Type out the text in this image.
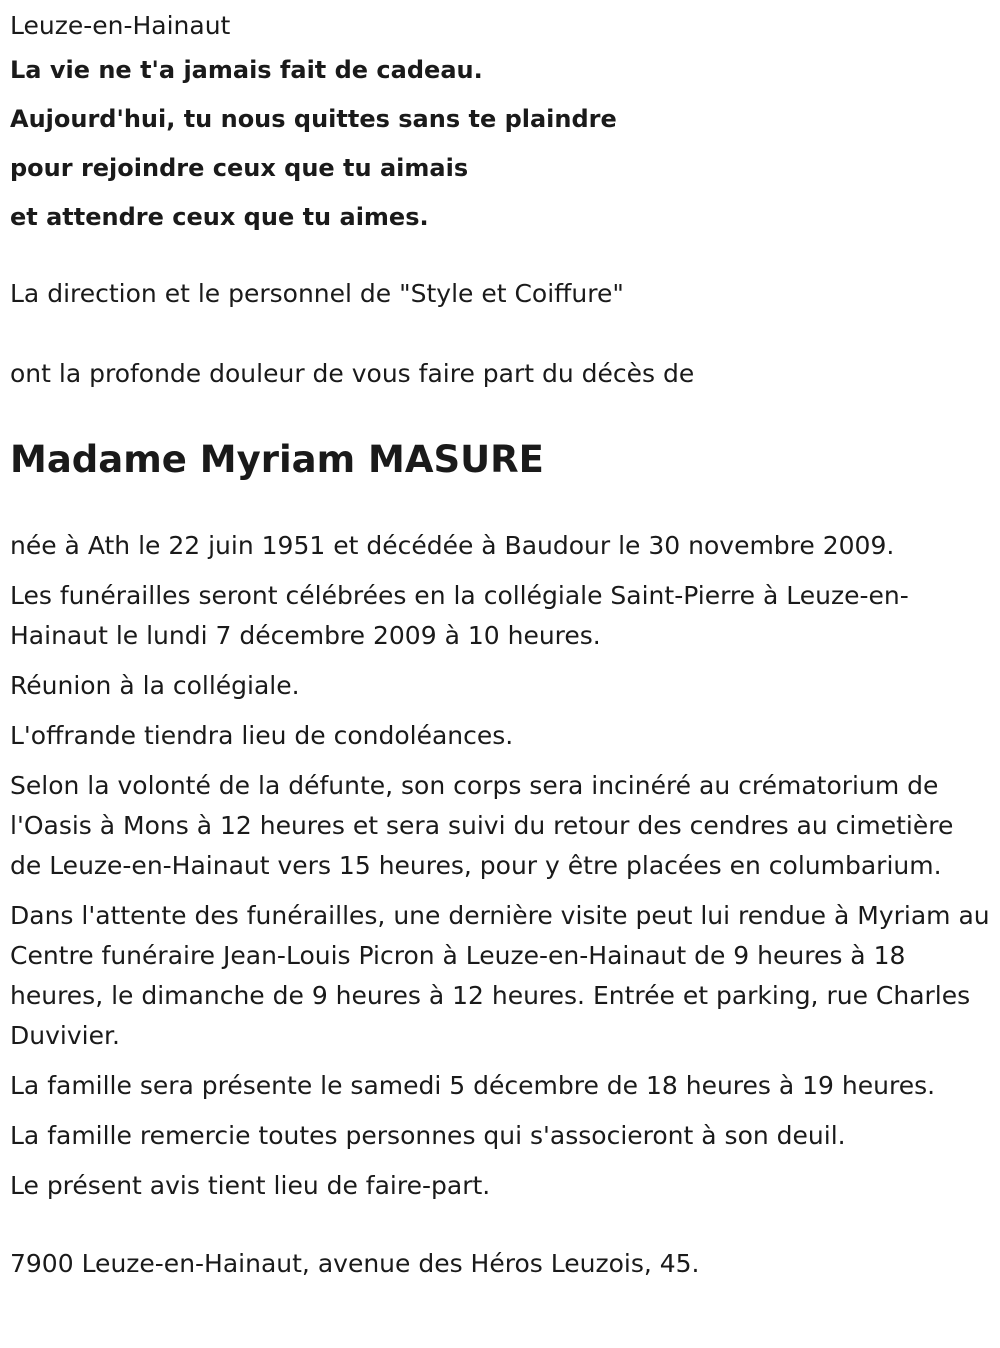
Leuze-en-Hainaut
La vie ne t'a jamais fait de cadeau.
Aujourd'hui, tu nous quittes sans te plaindre
pour rejoindre ceux que tu aimais
et attendre ceux que tu aimes.
La direction et le personnel de "Style et Coiffure"
ont la profonde douleur de vous faire part du décès de
Madame Myriam MASURE
née à Ath le 22 juin 1951 et décédée à Baudour le 30 novembre 2009.
Les funérailles seront célébrées en la collégiale Saint-Pierre à Leuze-en-Hainaut le lundi 7 décembre 2009 à 10 heures.
Réunion à la collégiale.
L'offrande tiendra lieu de condoléances.
Selon la volonté de la défunte, son corps sera incinéré au crématorium de l'Oasis à Mons à 12 heures et sera suivi du retour des cendres au cimetière de Leuze-en-Hainaut vers 15 heures, pour y être placées en columbarium.
Dans l'attente des funérailles, une dernière visite peut lui rendue à Myriam au Centre funéraire Jean-Louis Picron à Leuze-en-Hainaut de 9 heures à 18 heures, le dimanche de 9 heures à 12 heures. Entrée et parking, rue Charles Duvivier.
La famille sera présente le samedi 5 décembre de 18 heures à 19 heures.
La famille remercie toutes personnes qui s'associeront à son deuil.
Le présent avis tient lieu de faire-part.
7900 Leuze-en-Hainaut, avenue des Héros Leuzois, 45.
